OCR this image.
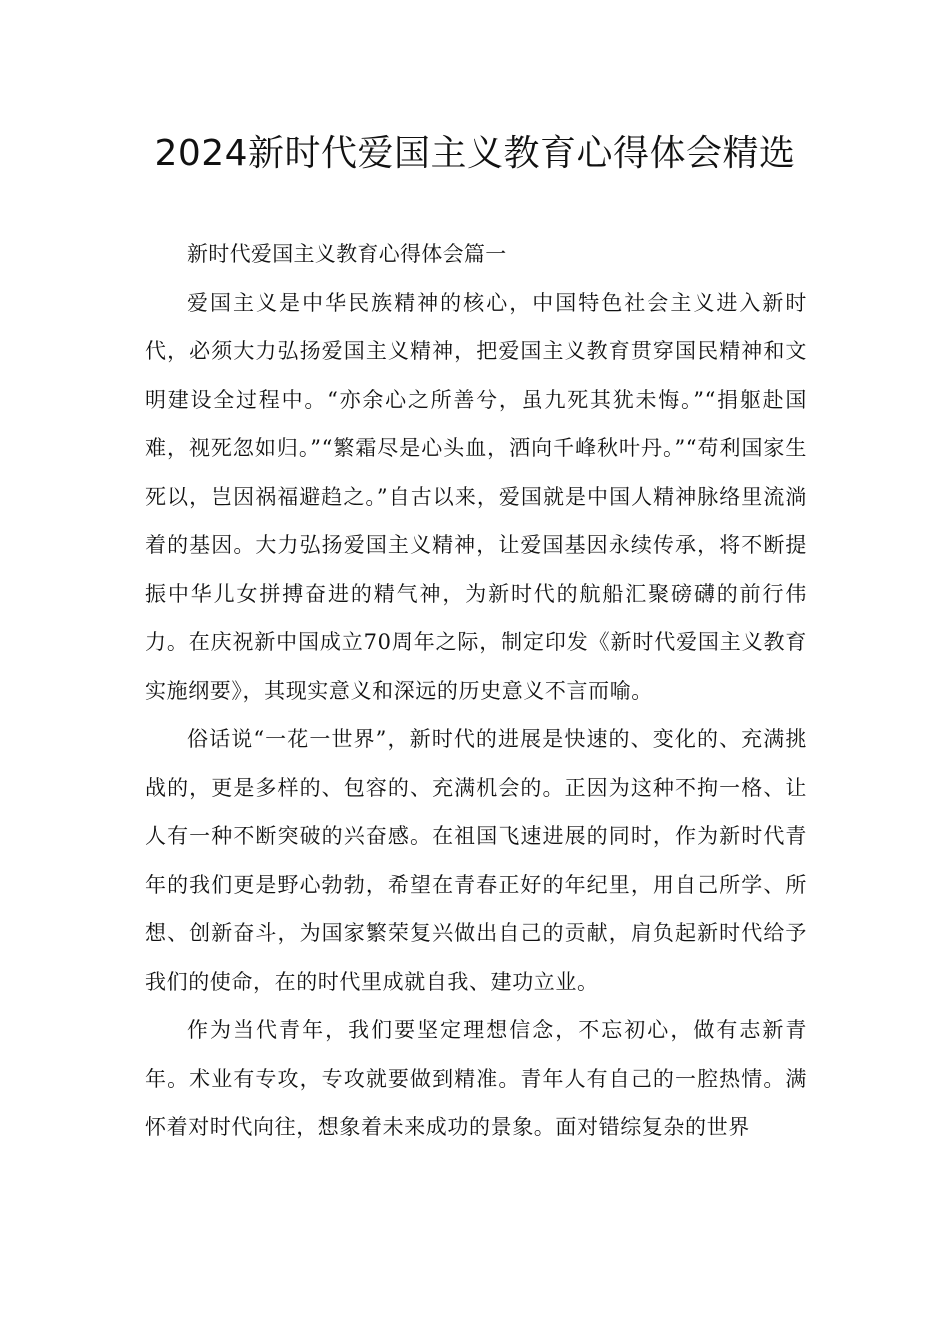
2024新时代爱国主义教育心得体会精选

新时代爱国主义教育心得体会篇一

爱国主义是中华民族精神的核心，中国特色社会主义进入新时代，必须大力弘扬爱国主义精神，把爱国主义教育贯穿国民精神和文明建设全过程中。“亦余心之所善兮，虽九死其犹未悔。”“捐躯赴国难，视死忽如归。”“繁霜尽是心头血，洒向千峰秋叶丹。”“苟利国家生死以，岂因祸福避趋之。”自古以来，爱国就是中国人精神脉络里流淌着的基因。大力弘扬爱国主义精神，让爱国基因永续传承，将不断提振中华儿女拼搏奋进的精气神，为新时代的航船汇聚磅礴的前行伟力。在庆祝新中国成立70周年之际，制定印发《新时代爱国主义教育实施纲要》，其现实意义和深远的历史意义不言而喻。

俗话说“一花一世界”，新时代的进展是快速的、变化的、充满挑战的，更是多样的、包容的、充满机会的。正因为这种不拘一格、让人有一种不断突破的兴奋感。在祖国飞速进展的同时，作为新时代青年的我们更是野心勃勃，希望在青春正好的年纪里，用自己所学、所想、创新奋斗，为国家繁荣复兴做出自己的贡献，肩负起新时代给予我们的使命，在的时代里成就自我、建功立业。

作为当代青年，我们要坚定理想信念，不忘初心，做有志新青年。术业有专攻，专攻就要做到精准。青年人有自己的一腔热情。满怀着对时代向往，想象着未来成功的景象。面对错综复杂的世界
